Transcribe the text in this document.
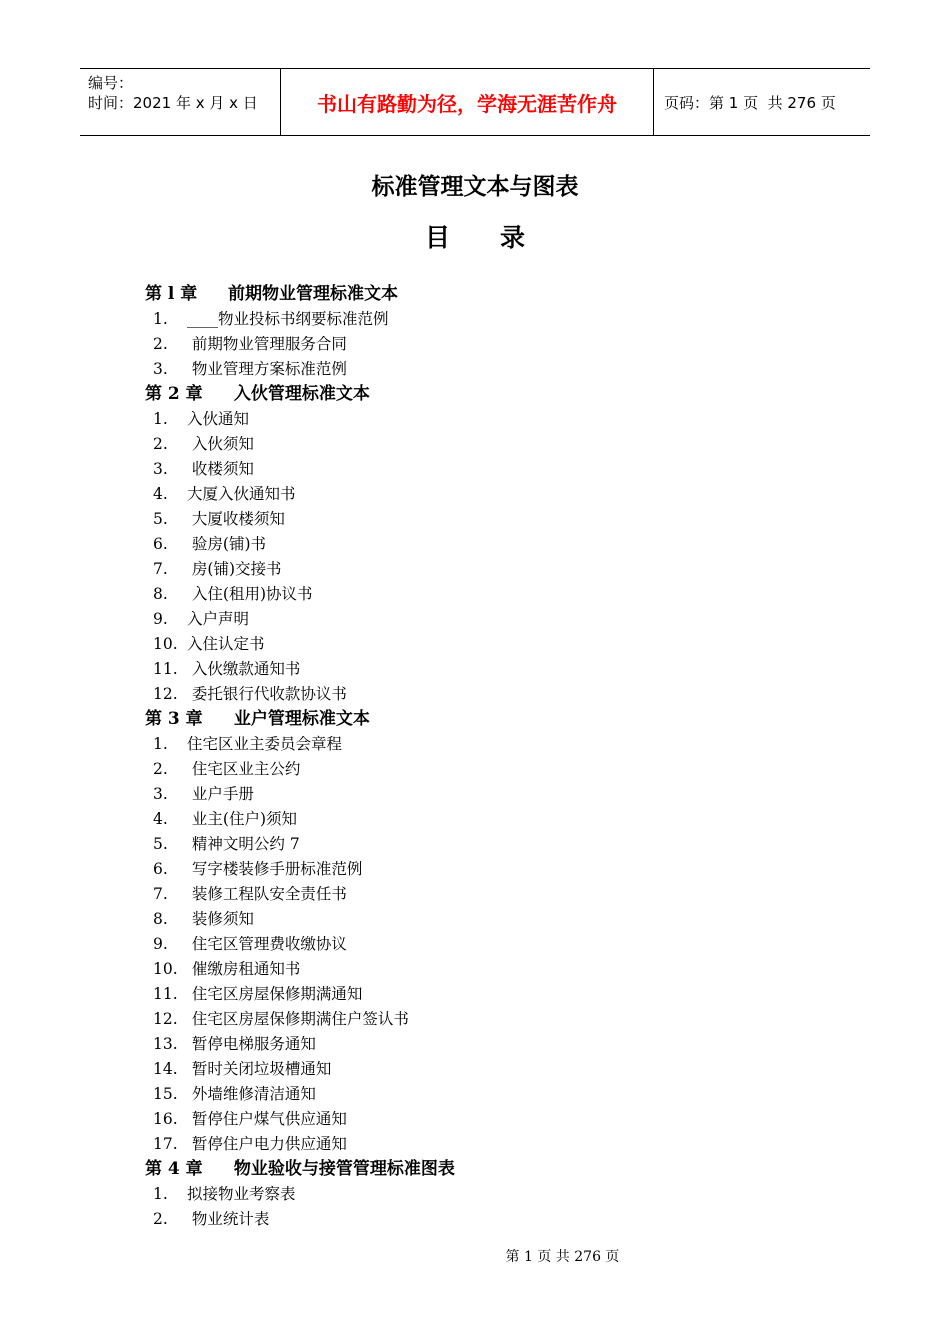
编号：
时间：2021 年 x 月 x 日	书山有路勤为径，学海无涯苦作舟	页码：第 1 页  共 276 页
标准管理文本与图表
目 录
第 l 章 前期物业管理标准文本
1. ____物业投标书纲要标准范例
2. 前期物业管理服务合同
3. 物业管理方案标准范例
第 2 章 入伙管理标准文本
1. 入伙通知
2. 入伙须知
3. 收楼须知
4. 大厦入伙通知书
5. 大厦收楼须知
6. 验房(铺)书
7. 房(铺)交接书
8. 入住(租用)协议书
9. 入户声明
10. 入住认定书
11. 入伙缴款通知书
12. 委托银行代收款协议书
第 3 章 业户管理标准文本
1. 住宅区业主委员会章程
2. 住宅区业主公约
3. 业户手册
4. 业主(住户)须知
5. 精神文明公约 7
6. 写字楼装修手册标准范例
7. 装修工程队安全责任书
8. 装修须知
9. 住宅区管理费收缴协议
10. 催缴房租通知书
11. 住宅区房屋保修期满通知
12. 住宅区房屋保修期满住户签认书
13. 暂停电梯服务通知
14. 暂时关闭垃圾槽通知
15. 外墙维修清洁通知
16. 暂停住户煤气供应通知
17. 暂停住户电力供应通知
第 4 章 物业验收与接管管理标准图表
1. 拟接物业考察表
2. 物业统计表
第 1 页 共 276 页
